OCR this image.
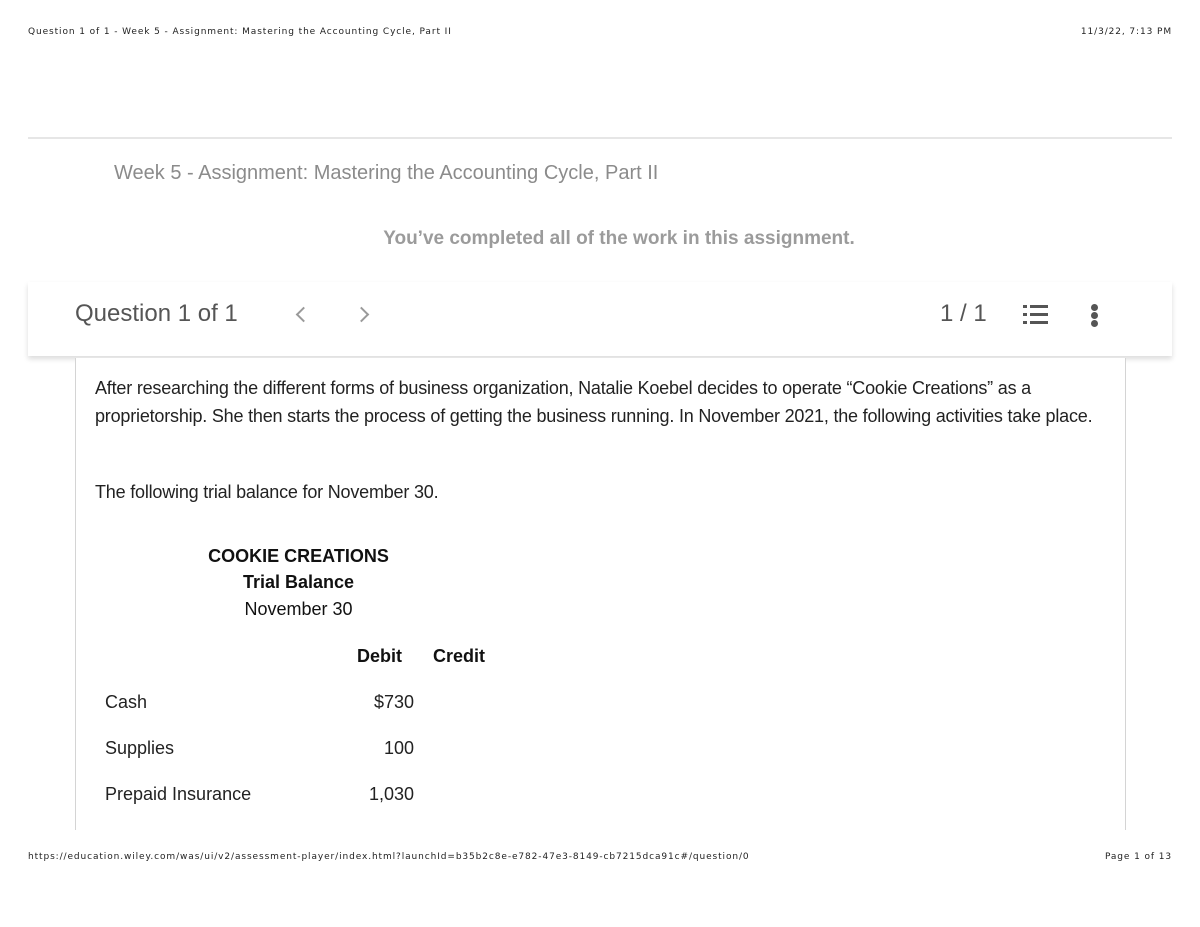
Question 1 of 1 - Week 5 - Assignment: Mastering the Accounting Cycle, Part II	11/3/22, 7:13 PM
Week 5 - Assignment: Mastering the Accounting Cycle, Part II
You’ve completed all of the work in this assignment.
Question 1 of 1	1 / 1

After researching the different forms of business organization, Natalie Koebel decides to operate “Cookie Creations” as a proprietorship. She then starts the process of getting the business running. In November 2021, the following activities take place.

The following trial balance for November 30.

COOKIE CREATIONS
Trial Balance
November 30
Debit Credit
Cash	$730
Supplies	100
Prepaid Insurance	1,030
https://education.wiley.com/was/ui/v2/assessment-player/index.html?launchId=b35b2c8e-e782-47e3-8149-cb7215dca91c#/question/0	Page 1 of 13
